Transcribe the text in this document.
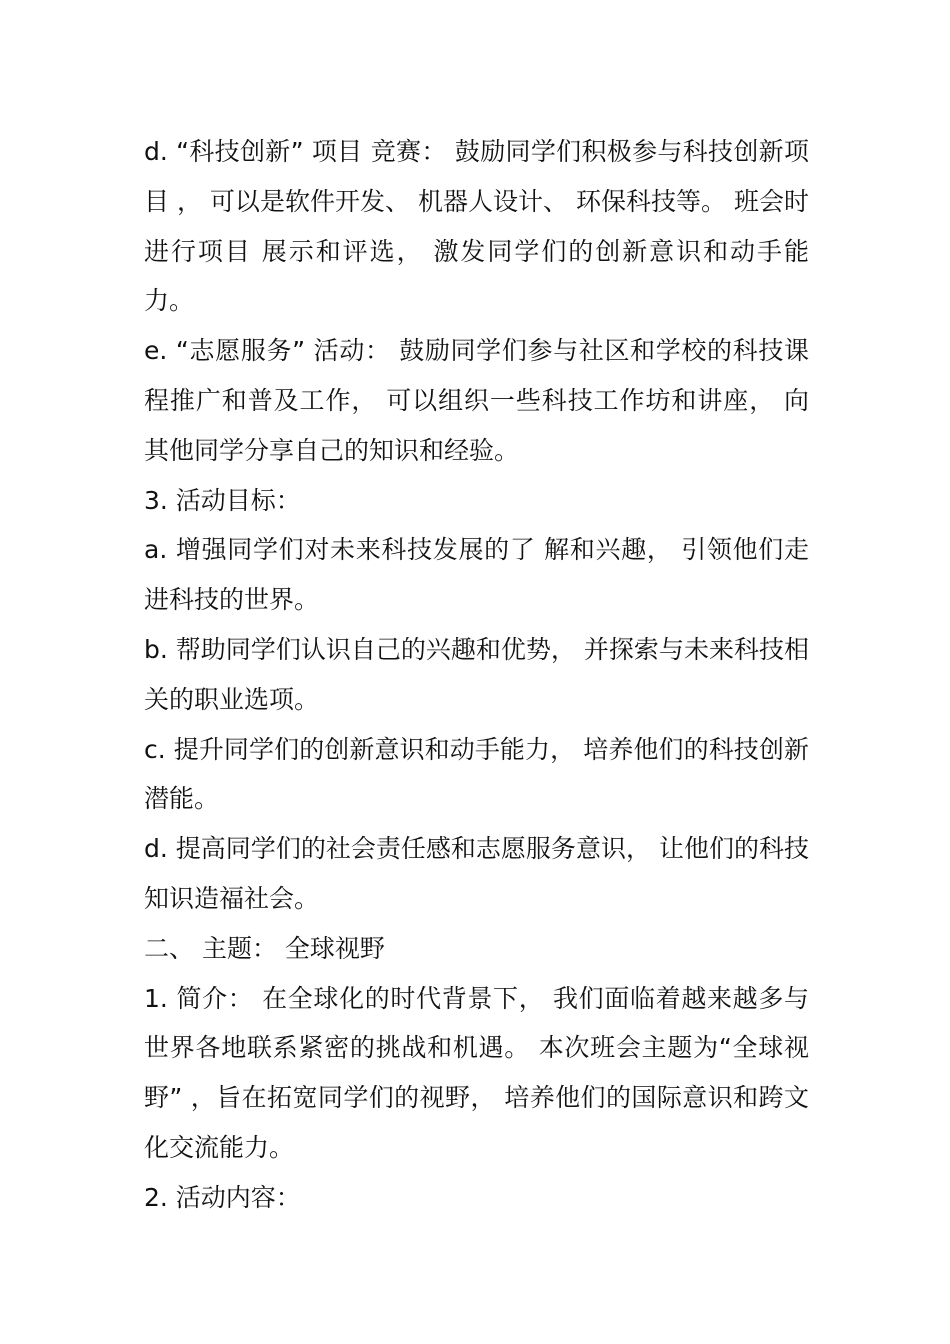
d. “科技创新” 项目 竞赛： 鼓励同学们积极参与科技创新项目 ， 可以是软件开发、 机器人设计、 环保科技等。 班会时进行项目 展示和评选， 激发同学们的创新意识和动手能力。

e. “志愿服务” 活动： 鼓励同学们参与社区和学校的科技课程推广和普及工作， 可以组织一些科技工作坊和讲座， 向其他同学分享自己的知识和经验。

3. 活动目标：

a. 增强同学们对未来科技发展的了 解和兴趣， 引领他们走进科技的世界。

b. 帮助同学们认识自己的兴趣和优势， 并探索与未来科技相关的职业选项。

c. 提升同学们的创新意识和动手能力， 培养他们的科技创新潜能。

d. 提高同学们的社会责任感和志愿服务意识， 让他们的科技知识造福社会。

二、 主题： 全球视野

1. 简介： 在全球化的时代背景下， 我们面临着越来越多与世界各地联系紧密的挑战和机遇。 本次班会主题为“全球视野” ，旨在拓宽同学们的视野， 培养他们的国际意识和跨文化交流能力。

2. 活动内容：
